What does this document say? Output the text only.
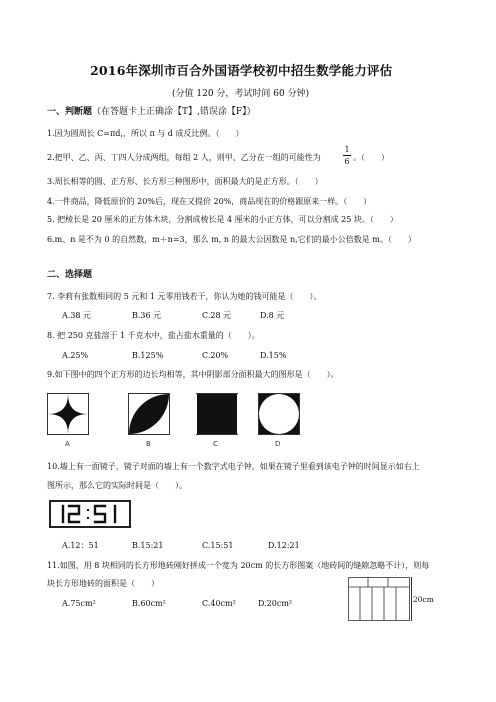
2016年深圳市百合外国语学校初中招生数学能力评估
(分值 120 分，考试时间 60 分钟)
一、判断题（在答题卡上正确涂【T】,错误涂【F】）
1.因为圆周长 C=πd,，所以 π 与 d 成反比例。（　　）
2.把甲、乙、丙、丁四人分成两组，每组 2 人，则甲、乙分在一组的可能性为
1
6 。（　　）
3.周长相等的圆、正方形、长方形三种图形中，面积最大的是正方形。（　　）
4.一件商品，降低原价的 20%后，现在又提价 20%，商品现在的价格跟原来一样。（　　）
5. 把棱长是 20 厘米的正方体木块，分割成棱长是 4 厘米的小正方体，可以分割成 25 块。（　　）
6.m、n 是不为 0 的自然数，m＋n=3，那么 m, n 的最大公因数是 n,它们的最小公倍数是 m。（　　）
二、选择题
7. 李莉有张数相同的 5 元和 1 元零用钱若干，你认为她的钱可能是（　　）。
A.38 元	B.36 元	C.28 元	D.8 元
8. 把 250 克盐溶于 1 千克水中，盐占盐水重量的（　　）。
A.25%	B.125%	C.20%	D.15%
9.如下图中的四个正方形的边长均相等，其中阴影部分面积最大的图形是（　　）。
A	B	C	D
10.墙上有一面镜子，镜子对面的墙上有一个数字式电子钟，如果在镜子里看到该电子钟的时间显示如右上
图所示，那么它的实际时间是（　　）。
A.12：51	B.15:21	C.15:51	D.12:21
11.如图，用 8 块相同的长方形地砖刚好拼成一个宽为 20cm 的长方形图案（地砖间的缝隙忽略不计），则每
块长方形地砖的面积是（　　）
A.75cm²	B.60cm²	C.40cm²	D.20cm²	20cm
